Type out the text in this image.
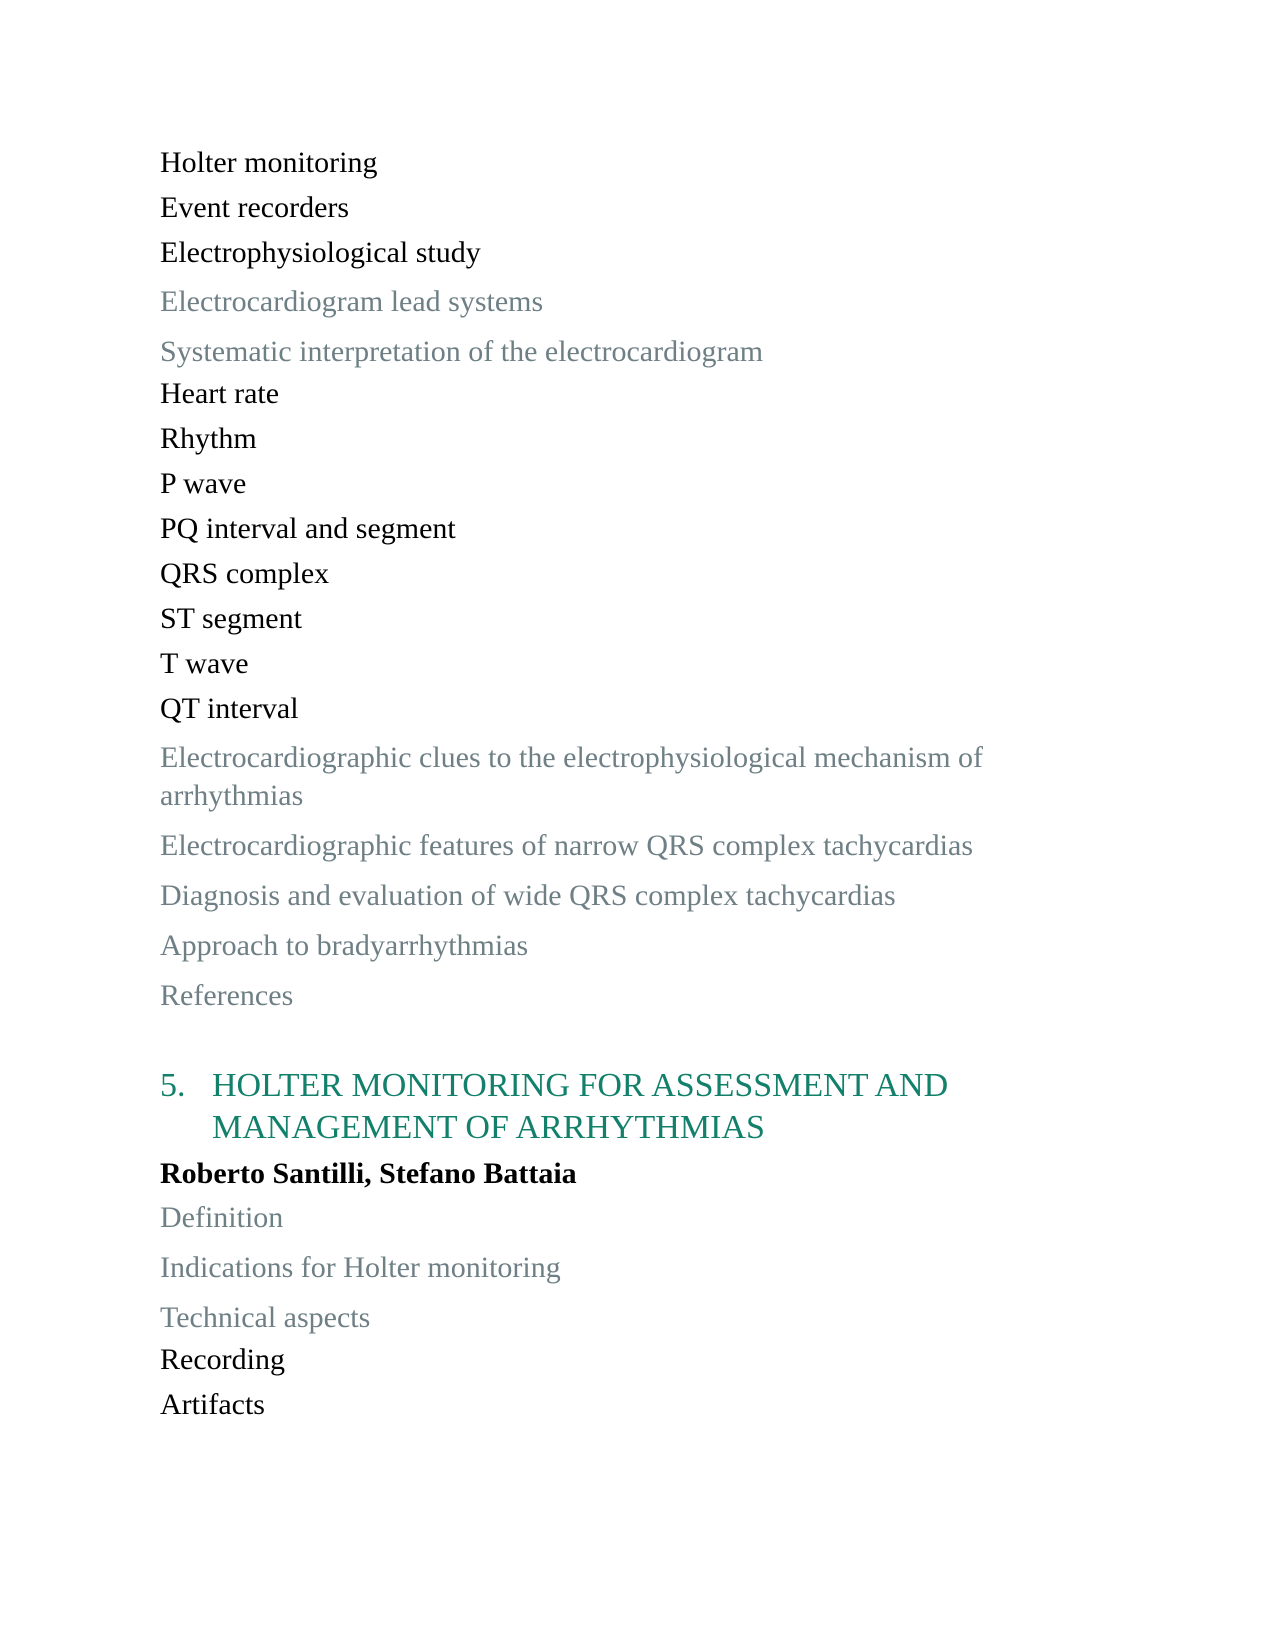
Holter monitoring

Event recorders

Electrophysiological study

Electrocardiogram lead systems

Systematic interpretation of the electrocardiogram

Heart rate

Rhythm

P wave

PQ interval and segment

QRS complex

ST segment

T wave

QT interval

Electrocardiographic clues to the electrophysiological mechanism of arrhythmias

Electrocardiographic features of narrow QRS complex tachycardias

Diagnosis and evaluation of wide QRS complex tachycardias

Approach to bradyarrhythmias

References

5. HOLTER MONITORING FOR ASSESSMENT AND MANAGEMENT OF ARRHYTHMIAS

Roberto Santilli, Stefano Battaia

Definition

Indications for Holter monitoring

Technical aspects

Recording

Artifacts
